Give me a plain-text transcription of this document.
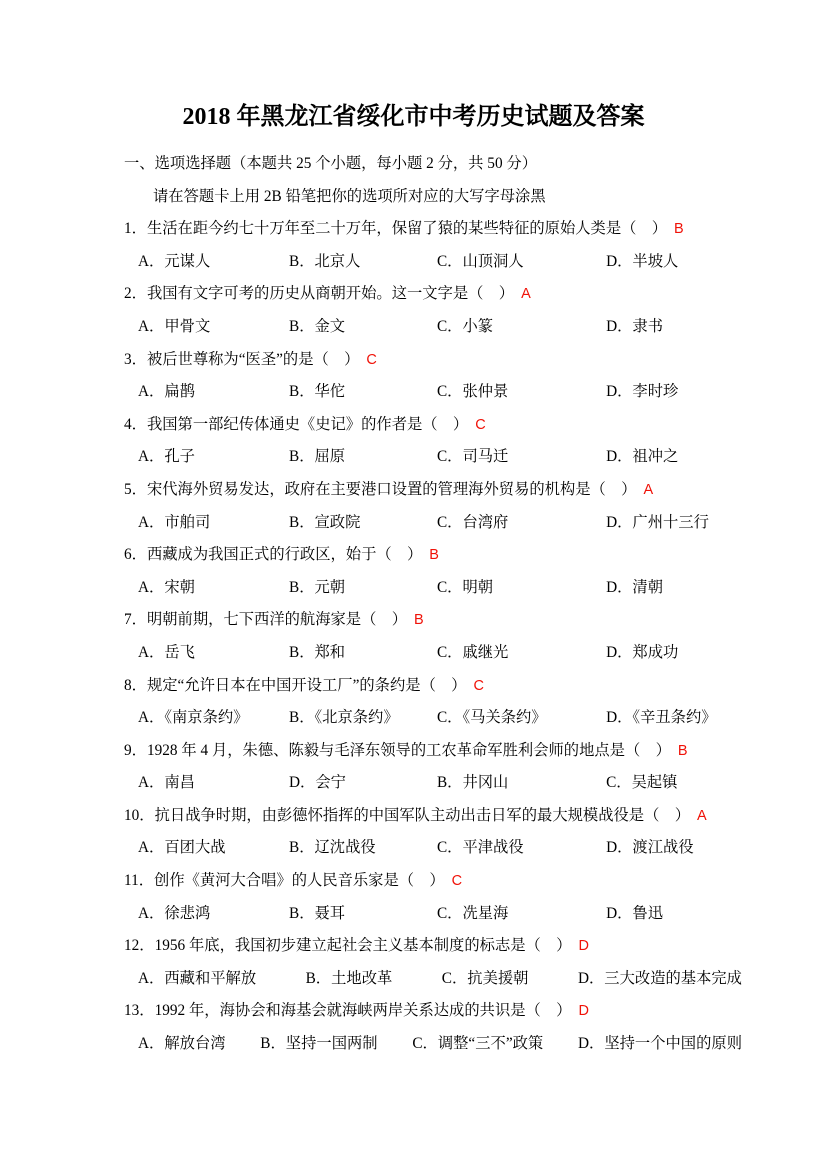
2018 年黑龙江省绥化市中考历史试题及答案

一、选项选择题（本题共 25 个小题，每小题 2 分，共 50 分）

请在答题卡上用 2B 铅笔把你的选项所对应的大写字母涂黑

1．生活在距今约七十万年至二十万年，保留了猿的某些特征的原始人类是（　） B

A．元谋人	B．北京人	C．山顶洞人	D．半坡人

2．我国有文字可考的历史从商朝开始。这一文字是（　） A

A．甲骨文	B．金文	C．小篆	D．隶书

3．被后世尊称为“医圣”的是（　） C

A．扁鹊	B．华佗	C．张仲景	D．李时珍

4．我国第一部纪传体通史《史记》的作者是（　） C

A．孔子	B．屈原	C．司马迁	D．祖冲之

5．宋代海外贸易发达，政府在主要港口设置的管理海外贸易的机构是（　） A

A．市舶司	B．宣政院	C．台湾府	D．广州十三行

6．西藏成为我国正式的行政区，始于（　） B

A．宋朝	B．元朝	C．明朝	D．清朝

7．明朝前期，七下西洋的航海家是（　） B

A．岳飞	B．郑和	C．戚继光	D．郑成功

8．规定“允许日本在中国开设工厂”的条约是（　） C

A．《南京条约》	B．《北京条约》	C．《马关条约》	D．《辛丑条约》

9．1928 年 4 月，朱德、陈毅与毛泽东领导的工农革命军胜利会师的地点是（　） B

A．南昌	D．会宁	B．井冈山	C．吴起镇

10．抗日战争时期，由彭德怀指挥的中国军队主动出击日军的最大规模战役是（　） A

A．百团大战	B．辽沈战役	C．平津战役	D．渡江战役

11．创作《黄河大合唱》的人民音乐家是（　） C

A．徐悲鸿	B．聂耳	C．冼星海	D．鲁迅

12．1956 年底，我国初步建立起社会主义基本制度的标志是（　） D

A．西藏和平解放	B．土地改革	C．抗美援朝	D．三大改造的基本完成

13．1992 年，海协会和海基会就海峡两岸关系达成的共识是（　） D

A．解放台湾 B．坚持一国两制 C．调整“三不”政策 D．坚持一个中国的原则
